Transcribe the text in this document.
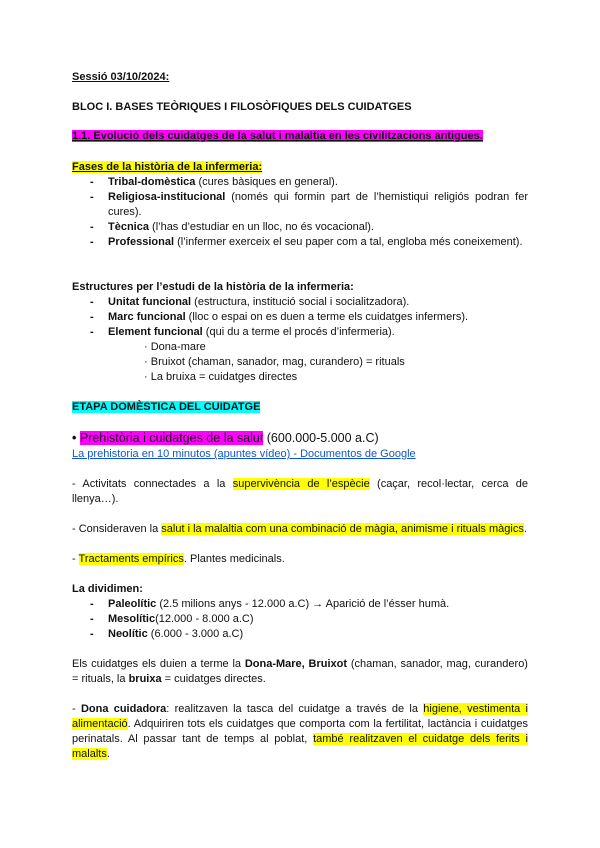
Sessió 03/10/2024:

BLOC I. BASES TEÒRIQUES I FILOSÒFIQUES DELS CUIDATGES

1.1. Evolució dels cuidatges de la salut i malaltia en les civilitzacions antigues.

Fases de la història de la infermeria:

- Tribal-domèstica (cures bàsiques en general).
- Religiosa-institucional (només qui formin part de l’hemistiqui religiós podran fer cures).
- Tècnica (l’has d’estudiar en un lloc, no és vocacional).
- Professional (l’infermer exerceix el seu paper com a tal, engloba més coneixement).

Estructures per l’estudi de la història de la infermeria:

- Unitat funcional (estructura, institució social i socialitzadora).
- Marc funcional (lloc o espai on es duen a terme els cuidatges infermers).
- Element funcional (qui du a terme el procés d’infermeria).
· Dona-mare
· Bruixot (chaman, sanador, mag, curandero) = rituals
· La bruixa = cuidatges directes

ETAPA DOMÈSTICA DEL CUIDATGE

• Prehistòria i cuidatges de la salut (600.000-5.000 a.C)

La prehistoria en 10 minutos (apuntes vídeo) - Documentos de Google

- Activitats connectades a la supervivència de l’espècie (caçar, recol·lectar, cerca de llenya…).

- Consideraven la salut i la malaltia com una combinació de màgia, animisme i rituals màgics.

- Tractaments empírics. Plantes medicinals.

La dividimen:

- Paleolític (2.5 milions anys - 12.000 a.C) → Aparició de l’ésser humà.
- Mesolític(12.000 - 8.000 a.C)
- Neolític (6.000 - 3.000 a.C)

Els cuidatges els duien a terme la Dona-Mare, Bruixot (chaman, sanador, mag, curandero) = rituals, la bruixa = cuidatges directes.

- Dona cuidadora: realitzaven la tasca del cuidatge a través de la higiene, vestimenta i alimentació. Adquiriren tots els cuidatges que comporta com la fertilitat, lactància i cuidatges perinatals. Al passar tant de temps al poblat, també realitzaven el cuidatge dels ferits i malalts.
